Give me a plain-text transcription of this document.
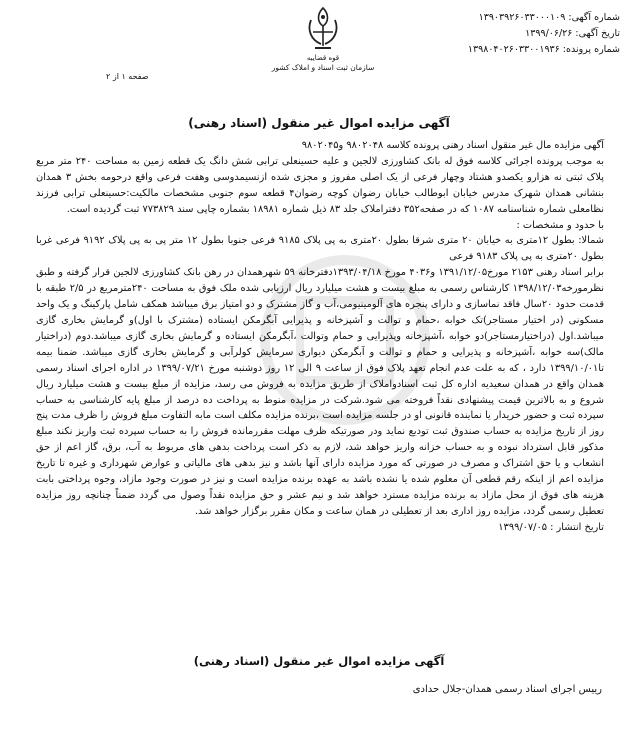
شماره آگهی: ۱۳۹۰۳۹۲۶۰۳۳۰۰۰۱۰۹
تاریخ آگهی: ۱۳۹۹/۰۶/۲۶
شماره پرونده: ۱۳۹۸۰۴۰۲۶۰۳۳۰۰۱۹۳۶
قوه قضاییه
سازمان ثبت اسناد و املاک کشور
صفحه ۱ از ۲
آگهی مزایده اموال غیر منقول (اسناد رهنی)

آگهی مزایده مال غیر منقول اسناد رهنی پرونده کلاسه ۹۸۰۲۰۴۸ و۹۸۰۲۰۴۵

به موجب پرونده اجرائی کلاسه فوق له بانک کشاورزی لالجین و علیه حسینعلی ترابی شش دانگ یک قطعه زمین به مساحت ۲۴۰ متر مربع پلاک ثبتی نه هزارو یکصدو هشتاد وچهار فرعی از یک اصلی مفروز و مجزی شده ازنسیمدوسی وهفت فرعی واقع درحومه بخش ۳ همدان بنشانی همدان شهرک مدرس خیابان ابوطالب خیابان رضوان کوچه رضوان۴ قطعه سوم جنوبی مشخصات مالکیت:حسینعلی ترابی فرزند نظامعلی شماره شناسنامه ۱۰۸۷ که در صفحه۳۵۲ دفتراملاک جلد ۸۳ ذیل شماره ۱۸۹۸۱ بشماره چاپی سند ۷۷۳۸۲۹ ثبت گردیده است.

با حدود و مشخصات :

شمالا: بطول ۱۲متری به خیابان ۲۰ متری شرقا بطول ۲۰متری به پی پلاک ۹۱۸۵ فرعی جنوبا بطول ۱۲ متر پی به پی پلاک ۹۱۹۲ فرعی غربا بطول ۲۰متری به پی پلاک ۹۱۸۳ فرعی

برابر اسناد رهنی ۲۱۵۳ مورخ۱۳۹۱/۱۲/۰۵ و۴۰۳۶ مورخ ۱۳۹۳/۰۴/۱۸دفترخانه ۵۹ شهرهمدان در رهن بانک کشاورزی لالجین قرار گرفته و طبق نظرمورخه۱۳۹۸/۱۲/۰۳ کارشناس رسمی به مبلغ بیست و هشت میلیارد ریال ارزیابی شده ملک فوق به مساحت ۲۴۰مترمربع در ۲/۵ طبقه با قدمت حدود ۲۰سال فاقد نماسازی و دارای پنجره های آلومینیومی،آب و گاز مشترک و دو امتیاز برق میباشد همکف شامل پارکینگ و یک واحد مسکونی (در اختیار مستاجر)تک خوابه ،حمام و توالت و آشپزخانه و پذیرایی آبگرمکن ایستاده (مشترک با اول)و گرمایش بخاری گازی میباشد.اول (دراختیارمستاجر)دو خوابه ،آشپزخانه وپذیرایی و حمام وتوالت ،آبگرمکن ایستاده و گرمایش بخاری گازی میباشد.دوم (دراختیار مالک)سه خوابه ،آشپزخانه و پذیرایی و حمام و توالت و آبگرمکن دیواری سرمایش کولرآبی و گرمایش بخاری گازی میباشد. ضمنا بیمه تا۱۳۹۹/۱۰/۰۱ دارد ، که به علت عدم انجام تعهد پلاک فوق از ساعت ۹ الی ۱۲ روز دوشنبه مورخ ۱۳۹۹/۰۷/۲۱ در اداره اجرای اسناد رسمی همدان واقع در همدان سعیدیه اداره کل ثبت اسنادواملاک از طریق مزایده به فروش می رسد، مزایده از مبلغ بیست و هشت میلیارد ریال شروع و به بالاترین قیمت پیشنهادی نقداً فروخته می شود.شرکت در مزایده منوط به پرداخت ده درصد از مبلغ پایه کارشناسی به حساب سپرده ثبت و حضور خریدار یا نماینده قانونی او در جلسه مزایده است ،برنده مزایده مکلف است مابه التفاوت مبلغ فروش را ظرف مدت پنج روز از تاریخ مزایده به حساب صندوق ثبت تودیع نماید ودر صورتیکه ظرف مهلت مقررمانده فروش را به حساب سپرده ثبت واریز نکند مبلغ مذکور قابل استرداد نبوده و به حساب خزانه واریز خواهد شد، لازم به ذکر است پرداخت بدهی های مربوط به آب، برق، گاز اعم از حق انشعاب و یا حق اشتراک و مصرف در صورتی که مورد مزایده دارای آنها باشد و نیز بدهی های مالیاتی و عوارض شهرداری و غیره تا تاریخ مزایده اعم از اینکه رقم قطعی آن معلوم شده یا نشده باشد به عهده برنده مزایده است و نیز در صورت وجود مازاد، وجوه پرداختی بابت هزینه های فوق از محل مازاد به برنده مزایده مسترد خواهد شد و نیم عشر و حق مزایده نقداً وصول می گردد ضمناً چنانچه روز مزایده تعطیل رسمی گردد، مزایده روز اداری بعد از تعطیلی در همان ساعت و مکان مقرر برگزار خواهد شد.

تاریخ انتشار : ۱۳۹۹/۰۷/۰۵

آگهی مزایده اموال غیر منقول (اسناد رهنی)
رییس اجرای اسناد رسمی همدان-جلال حدادی
